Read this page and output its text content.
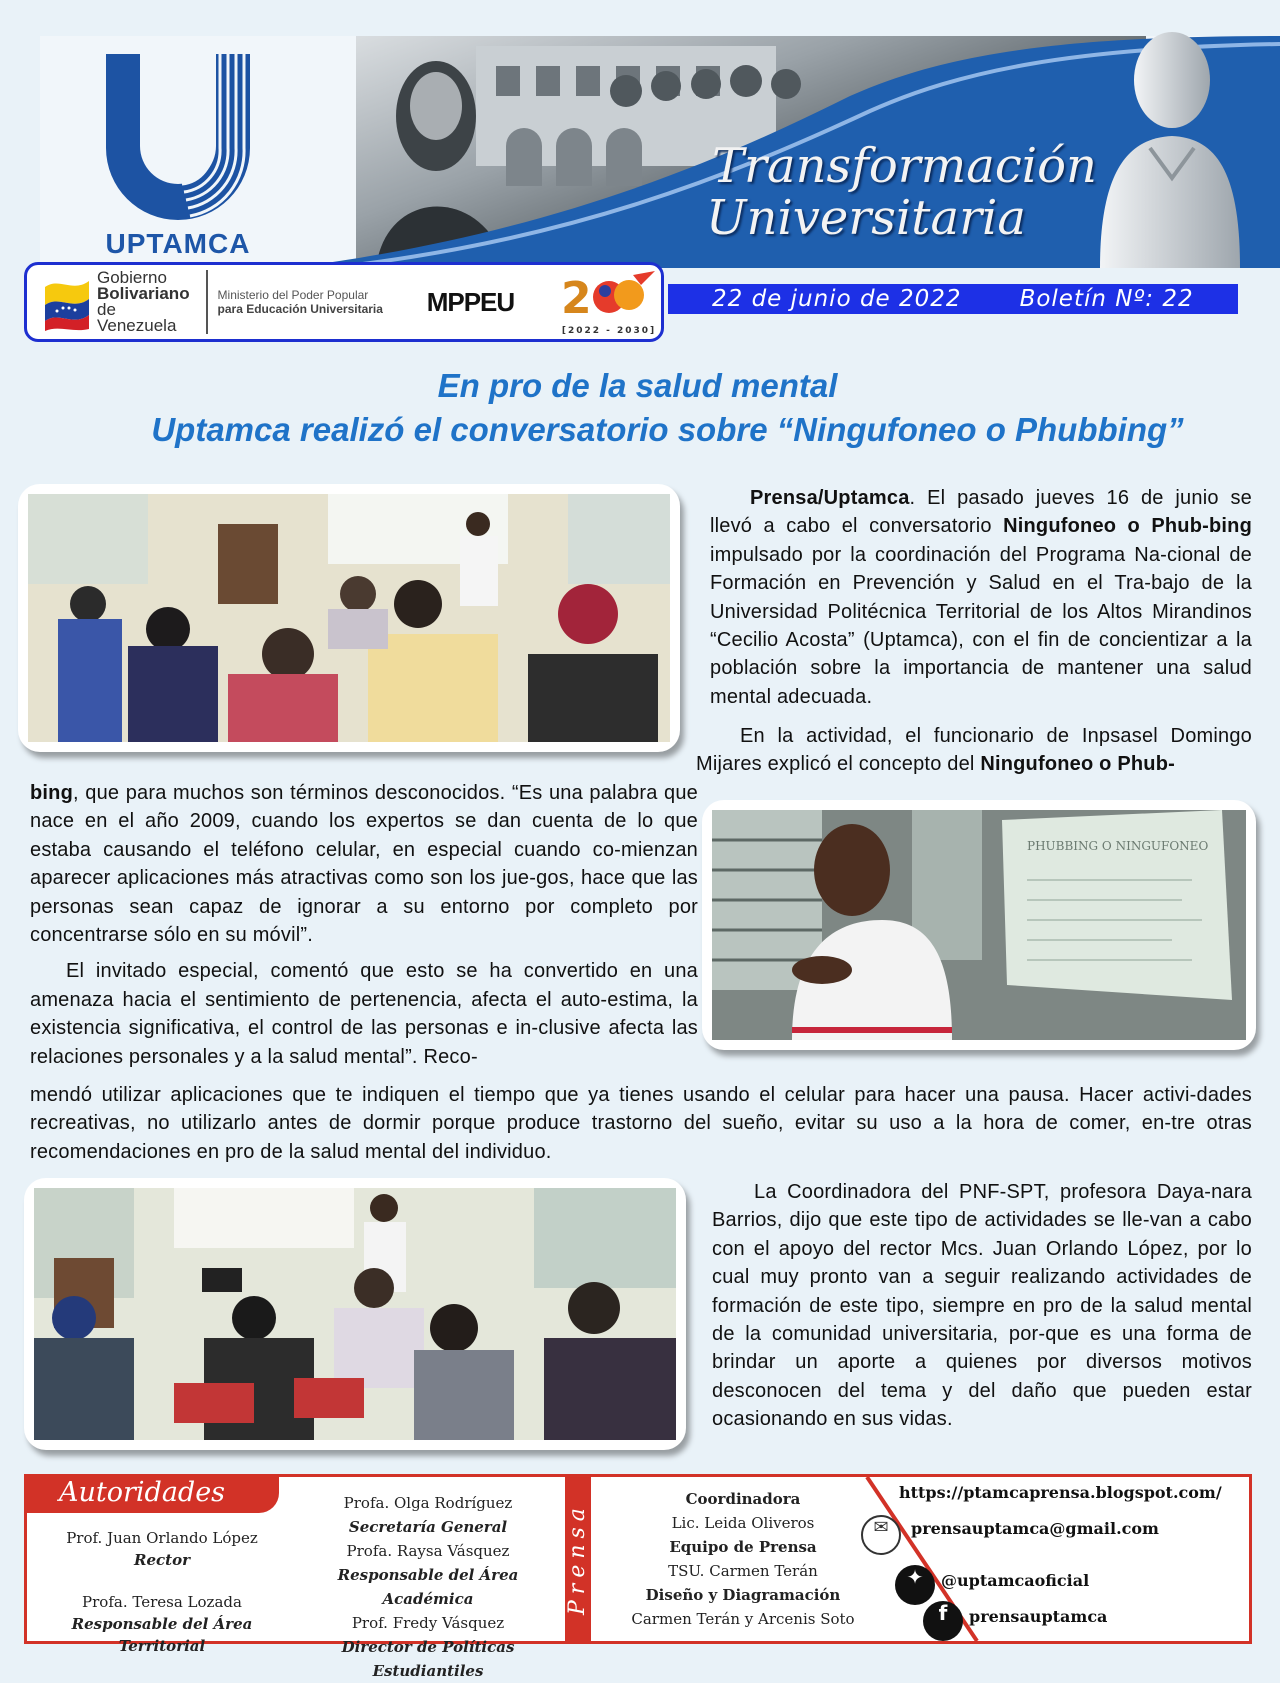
UPTAMCA
Transformación
Universitaria
Gobierno
Bolivariano
de Venezuela
Ministerio del Poder Popular
para Educación Universitaria	MPPEU	2
[2022 - 2030]
22 de junio de 2022	Boletín Nº: 22
En pro de la salud mental
Uptamca realizó el conversatorio sobre “Ningufoneo o Phubbing”
PHUBBING O NINGUFONEO

Prensa/Uptamca. El pasado jueves 16 de junio se llevó a cabo el conversatorio Ningufoneo o Phub-bing impulsado por la coordinación del Programa Na-cional de Formación en Prevención y Salud en el Tra-bajo de la Universidad Politécnica Territorial de los Altos Mirandinos “Cecilio Acosta” (Uptamca), con el fin de concientizar a la población sobre la importancia de mantener una salud mental adecuada.

En la actividad, el funcionario de Inpsasel Domingo Mijares explicó el concepto del Ningufoneo o Phub-

bing, que para muchos son términos desconocidos. “Es una palabra que nace en el año 2009, cuando los expertos se dan cuenta de lo que estaba causando el teléfono celular, en especial cuando co-mienzan aparecer aplicaciones más atractivas como son los jue-gos, hace que las personas sean capaz de ignorar a su entorno por completo por concentrarse sólo en su móvil”.

El invitado especial, comentó que esto se ha convertido en una amenaza hacia el sentimiento de pertenencia, afecta el auto-estima, la existencia significativa, el control de las personas e in-clusive afecta las relaciones personales y a la salud mental”. Reco-

mendó utilizar aplicaciones que te indiquen el tiempo que ya tienes usando el celular para hacer una pausa. Hacer activi-dades recreativas, no utilizarlo antes de dormir porque produce trastorno del sueño, evitar su uso a la hora de comer, en-tre otras recomendaciones en pro de la salud mental del individuo.

La Coordinadora del PNF-SPT, profesora Daya-nara Barrios, dijo que este tipo de actividades se lle-van a cabo con el apoyo del rector Mcs. Juan Orlando López, por lo cual muy pronto van a seguir realizando actividades de formación de este tipo, siempre en pro de la salud mental de la comunidad universitaria, por-que es una forma de brindar un aporte a quienes por diversos motivos desconocen del tema y del daño que pueden estar ocasionando en sus vidas.

Autoridades
Prof. Juan Orlando López
Rector
Profa. Teresa Lozada
Responsable del Área Territorial
Profa. Olga Rodríguez
Secretaría General
Profa. Raysa Vásquez
Responsable del Área Académica
Prof. Fredy Vásquez
Director de Políticas Estudiantiles
Prensa
Coordinadora
Lic. Leida Oliveros
Equipo de Prensa
TSU. Carmen Terán
Diseño y Diagramación
Carmen Terán y Arcenis Soto
https://ptamcaprensa.blogspot.com/
✉	prensauptamca@gmail.com
✦	@uptamcaoficial
f	prensauptamca
